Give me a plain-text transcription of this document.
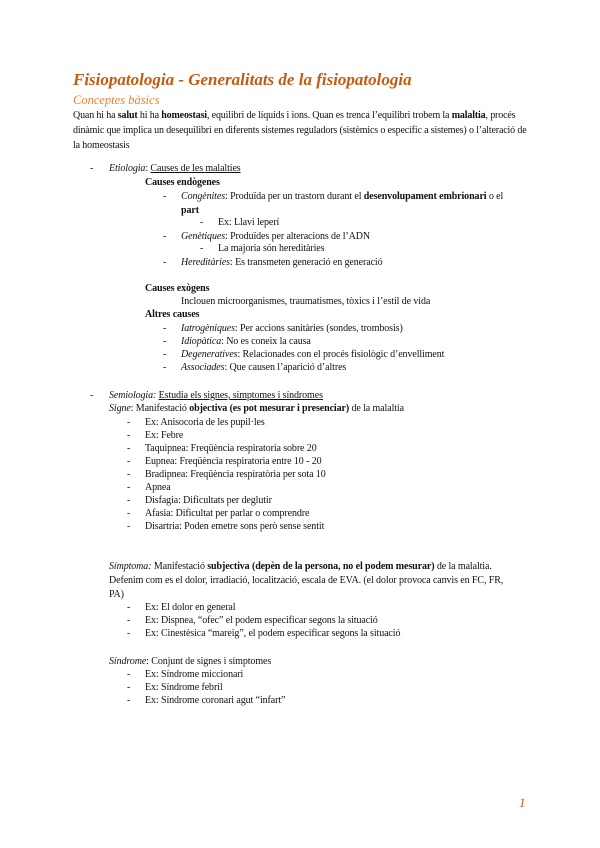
Fisiopatologia - Generalitats de la fisiopatologia
Conceptes bàsics
Quan hi ha salut hi ha homeostasi, equilibri de líquids i ions. Quan es trenca l’equilibri trobem la malaltia, procés dinàmic que implica un desequilibri en diferents sistemes reguladors (sistèmics o específic a sistemes) o l’alteració de la homeostasis
- Etiologia: Causes de les malalties
Causes endògenes
- Congènites: Produïda per un trastorn durant el desenvolupament embrionari o el
part
- Ex: Llavi leperí
- Genètiques: Produïdes per alteracions de l’ADN
- La majoria són hereditàries
- Hereditàries: Es transmeten generació en generació
Causes exògens
Inclouen microorganismes, traumatismes, tòxics i l’estil de vida
Altres causes
- Iatrogèniques: Per accions sanitàries (sondes, trombosis)
- Idiopàtica: No es coneix la causa
- Degeneratives: Relacionades con el procés fisiològic d’envelliment
- Associades: Que causen l’aparició d’altres
- Semiologia: Estudia els signes, símptomes i síndromes
Signe: Manifestació objectiva (es pot mesurar i presenciar) de la malaltia
- Ex: Anisocoria de les pupil·les
- Ex: Febre
- Taquipnea: Freqüència respiratoria sobre 20
- Eupnea: Freqüència respiratoria entre 10 - 20
- Bradipnea: Freqüència respiratòria per sota 10
- Apnea
- Disfagia: Dificultats per deglutir
- Afasia: Dificultat per parlar o comprendre
- Disartria: Poden emetre sons però sense sentit
Símptoma: Manifestació subjectiva (depèn de la persona, no el podem mesurar) de la malaltia.
Defenim com es el dolor, irradiació, localització, escala de EVA. (el dolor provoca canvis en FC, FR,
PA)
- Ex: El dolor en general
- Ex: Dispnea, “ofec” el podem especificar segons la situació
- Ex: Cinestèsica “mareig”, el podem especificar segons la situació
Síndrome: Conjunt de signes i símptomes
- Ex: Síndrome miccionari
- Ex: Síndrome febril
- Ex: Síndrome coronari agut “infart”
1
